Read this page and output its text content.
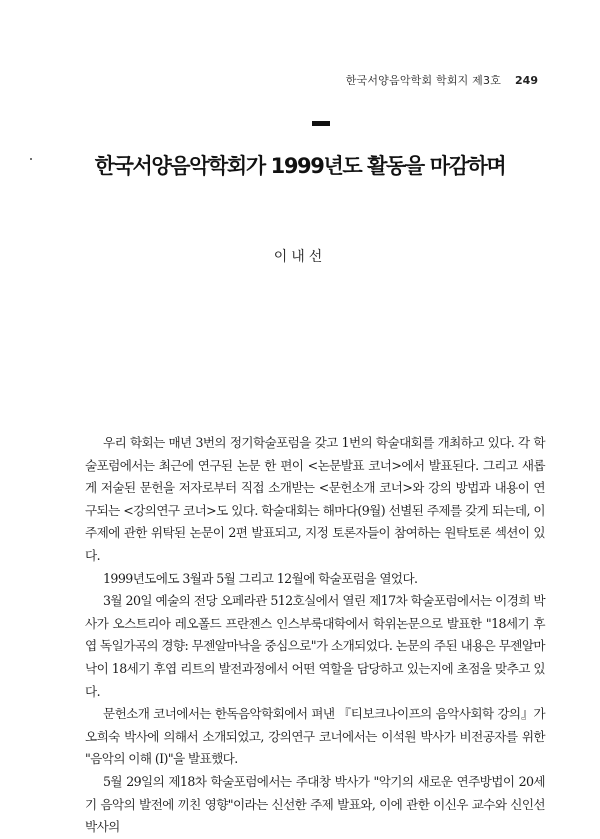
한국서양음악학회 학회지 제3호 249
한국서양음악학회가 1999년도 활동을 마감하며
이내선

우리 학회는 매년 3번의 정기학술포럼을 갖고 1번의 학술대회를 개최하고 있다. 각 학술포럼에서는 최근에 연구된 논문 한 편이 <논문발표 코너>에서 발표된다. 그리고 새롭게 저술된 문헌을 저자로부터 직접 소개받는 <문헌소개 코너>와 강의 방법과 내용이 연구되는 <강의연구 코너>도 있다. 학술대회는 해마다(9월) 선별된 주제를 갖게 되는데, 이 주제에 관한 위탁된 논문이 2편 발표되고, 지정 토론자들이 참여하는 원탁토론 섹션이 있다.

1999년도에도 3월과 5월 그리고 12월에 학술포럼을 열었다.

3월 20일 예술의 전당 오페라관 512호실에서 열린 제17차 학술포럼에서는 이경희 박사가 오스트리아 레오폴드 프란젠스 인스부룩대학에서 학위논문으로 발표한 "18세기 후엽 독일가곡의 경향: 무젠알마낙을 중심으로"가 소개되었다. 논문의 주된 내용은 무젠알마낙이 18세기 후엽 리트의 발전과정에서 어떤 역할을 담당하고 있는지에 초점을 맞추고 있다.

문헌소개 코너에서는 한독음악학회에서 펴낸 『티보크나이프의 음악사회학 강의』가 오희숙 박사에 의해서 소개되었고, 강의연구 코너에서는 이석원 박사가 비전공자를 위한 "음악의 이해 (I)"을 발표했다.

5월 29일의 제18차 학술포럼에서는 주대창 박사가 "악기의 새로운 연주방법이 20세기 음악의 발전에 끼친 영향"이라는 신선한 주제 발표와, 이에 관한 이신우 교수와 신인선 박사의
